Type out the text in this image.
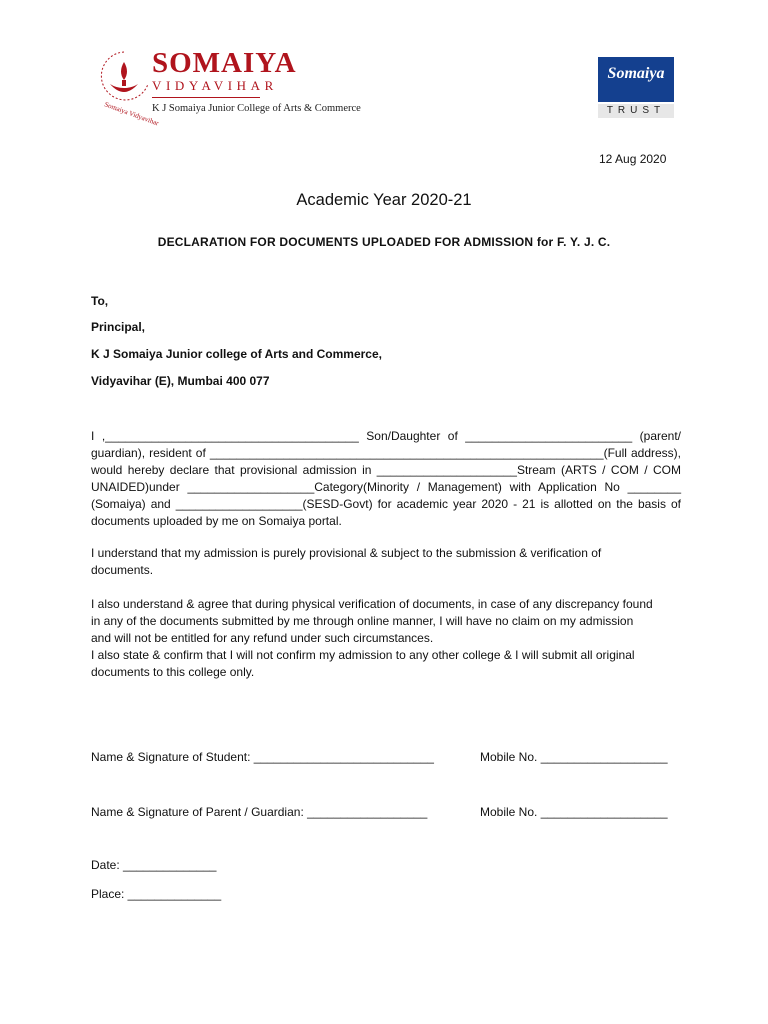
Somaiya Vidyavihar
SOMAIYA
VIDYAVIHAR
K J Somaiya Junior College of Arts & Commerce
Somaiya
TRUST
12 Aug 2020
Academic Year 2020-21
DECLARATION FOR DOCUMENTS UPLOADED FOR ADMISSION for F. Y. J. C.
To,
Principal,
K J Somaiya Junior college of Arts and Commerce,
Vidyavihar (E), Mumbai 400 077
I ,______________________________________ Son/Daughter of _________________________ (parent/
guardian), resident of ___________________________________________________________(Full address),
would hereby declare that provisional admission in _____________________Stream (ARTS / COM / COM
UNAIDED)under ___________________Category(Minority / Management) with Application No ________
(Somaiya) and ___________________(SESD-Govt) for academic year 2020 - 21 is allotted on the basis of
documents uploaded by me on Somaiya portal.
I understand that my admission is purely provisional & subject to the submission & verification of
documents.
I also understand & agree that during physical verification of documents, in case of any discrepancy found
in any of the documents submitted by me through online manner, I will have no claim on my admission
and will not be entitled for any refund under such circumstances.
I also state & confirm that I will not confirm my admission to any other college & I will submit all original
documents to this college only.
Name & Signature of Student: ___________________________	Mobile No. ___________________
Name & Signature of Parent / Guardian: __________________	Mobile No. ___________________
Date: ______________
Place: ______________
